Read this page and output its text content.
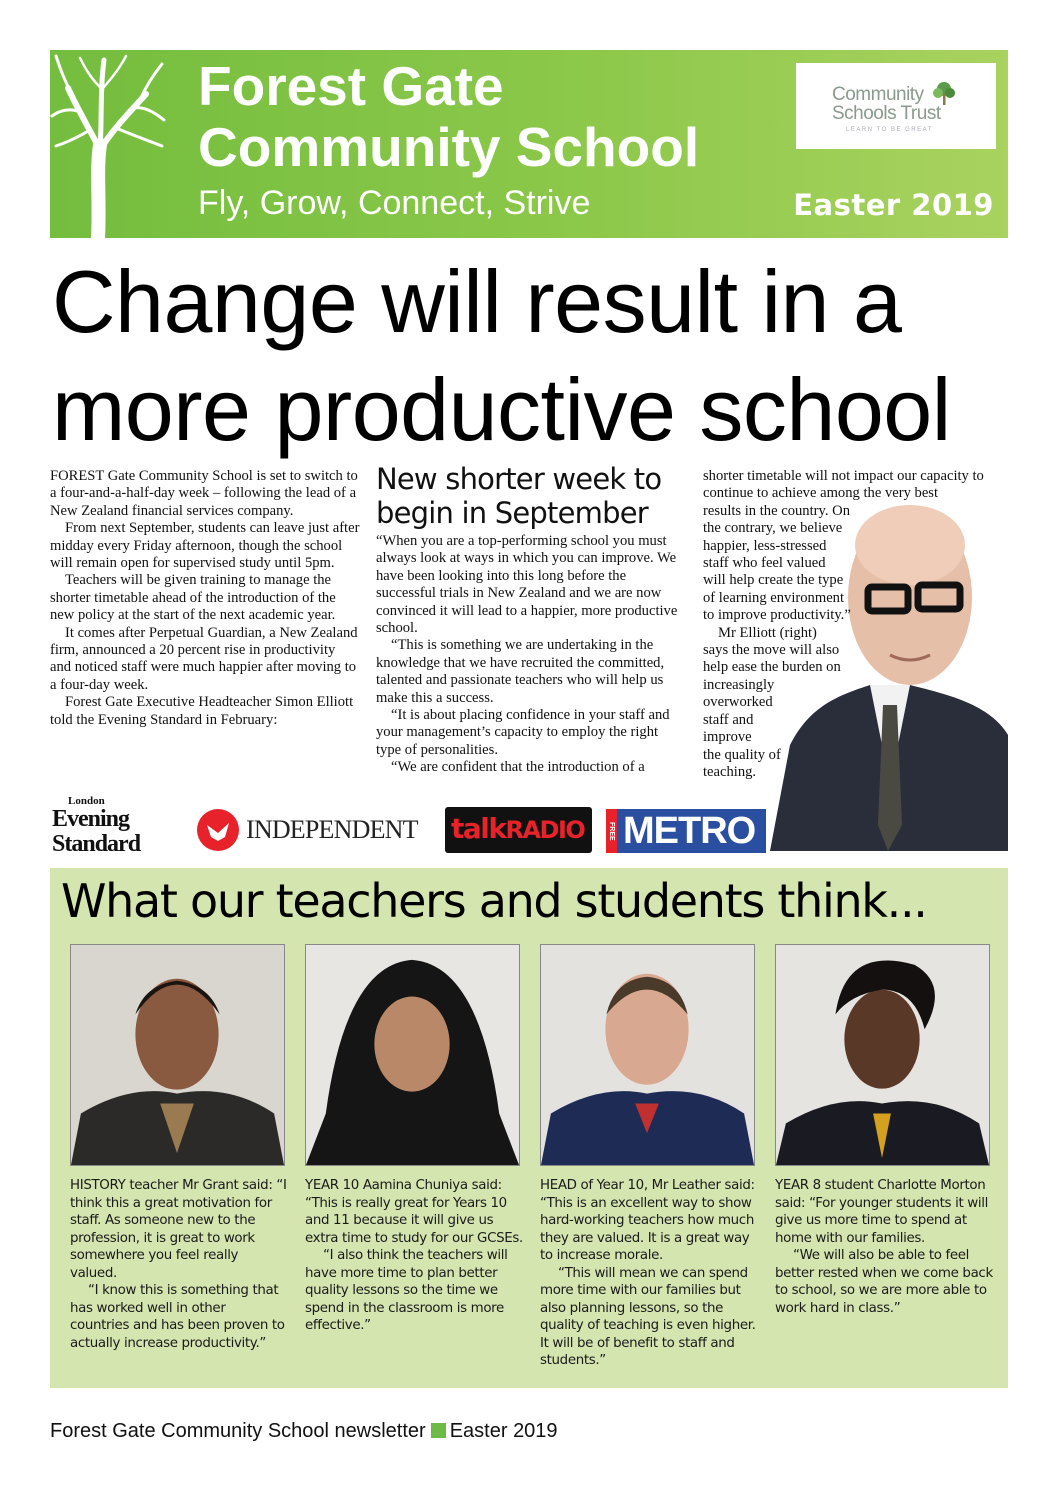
Forest Gate
Community School
Fly, Grow, Connect, Strive	Easter 2019
Community
Schools Trust
LEARN TO BE GREAT
Change will result in a more productive school

FOREST Gate Community School is set to switch to a four-and-a-half-day week – following the lead of a New Zealand financial services company.

From next September, students can leave just after midday every Friday afternoon, though the school will remain open for supervised study until 5pm.

Teachers will be given training to manage the shorter timetable ahead of the introduction of the new policy at the start of the next academic year.

It comes after Perpetual Guardian, a New Zealand firm, announced a 20 percent rise in productivity and noticed staff were much happier after moving to a four-day week.

Forest Gate Executive Headteacher Simon Elliott told the Evening Standard in February:

New shorter week to begin in September

“When you are a top-performing school you must always look at ways in which you can improve. We have been looking into this long before the successful trials in New Zealand and we are now convinced it will lead to a happier, more productive school.

“This is something we are undertaking in the knowledge that we have recruited the committed, talented and passionate teachers who will help us make this a success.

“It is about placing confidence in your staff and your management’s capacity to employ the right type of personalities.

“We are confident that the introduction of a

shorter timetable will not impact our capacity to continue to achieve among the very best

results in the country. On
the contrary, we believe
happier, less-stressed
staff who feel valued
will help create the type
of learning environment
to improve productivity.”
Mr Elliott (right)
says the move will also
help ease the burden on
increasingly
overworked
staff and
improve
the quality of
teaching.
London
Evening
Standard	INDEPENDENT talkRADIO	FREE METRO
What our teachers and students think...

HISTORY teacher Mr Grant said: “I think this a great motivation for staff. As someone new to the profession, it is great to work somewhere you feel really valued.

“I know this is something that has worked well in other countries and has been proven to actually increase productivity.”

YEAR 10 Aamina Chuniya said: “This is really great for Years 10 and 11 because it will give us extra time to study for our GCSEs.

“I also think the teachers will have more time to plan better quality lessons so the time we spend in the classroom is more effective.”

HEAD of Year 10, Mr Leather said: “This is an excellent way to show hard-working teachers how much they are valued. It is a great way to increase morale.

“This will mean we can spend more time with our families but also planning lessons, so the quality of teaching is even higher. It will be of benefit to staff and students.”

YEAR 8 student Charlotte Morton said: “For younger students it will give us more time to spend at home with our families.

“We will also be able to feel better rested when we come back to school, so we are more able to work hard in class.”

Forest Gate Community School newsletter Easter 2019
